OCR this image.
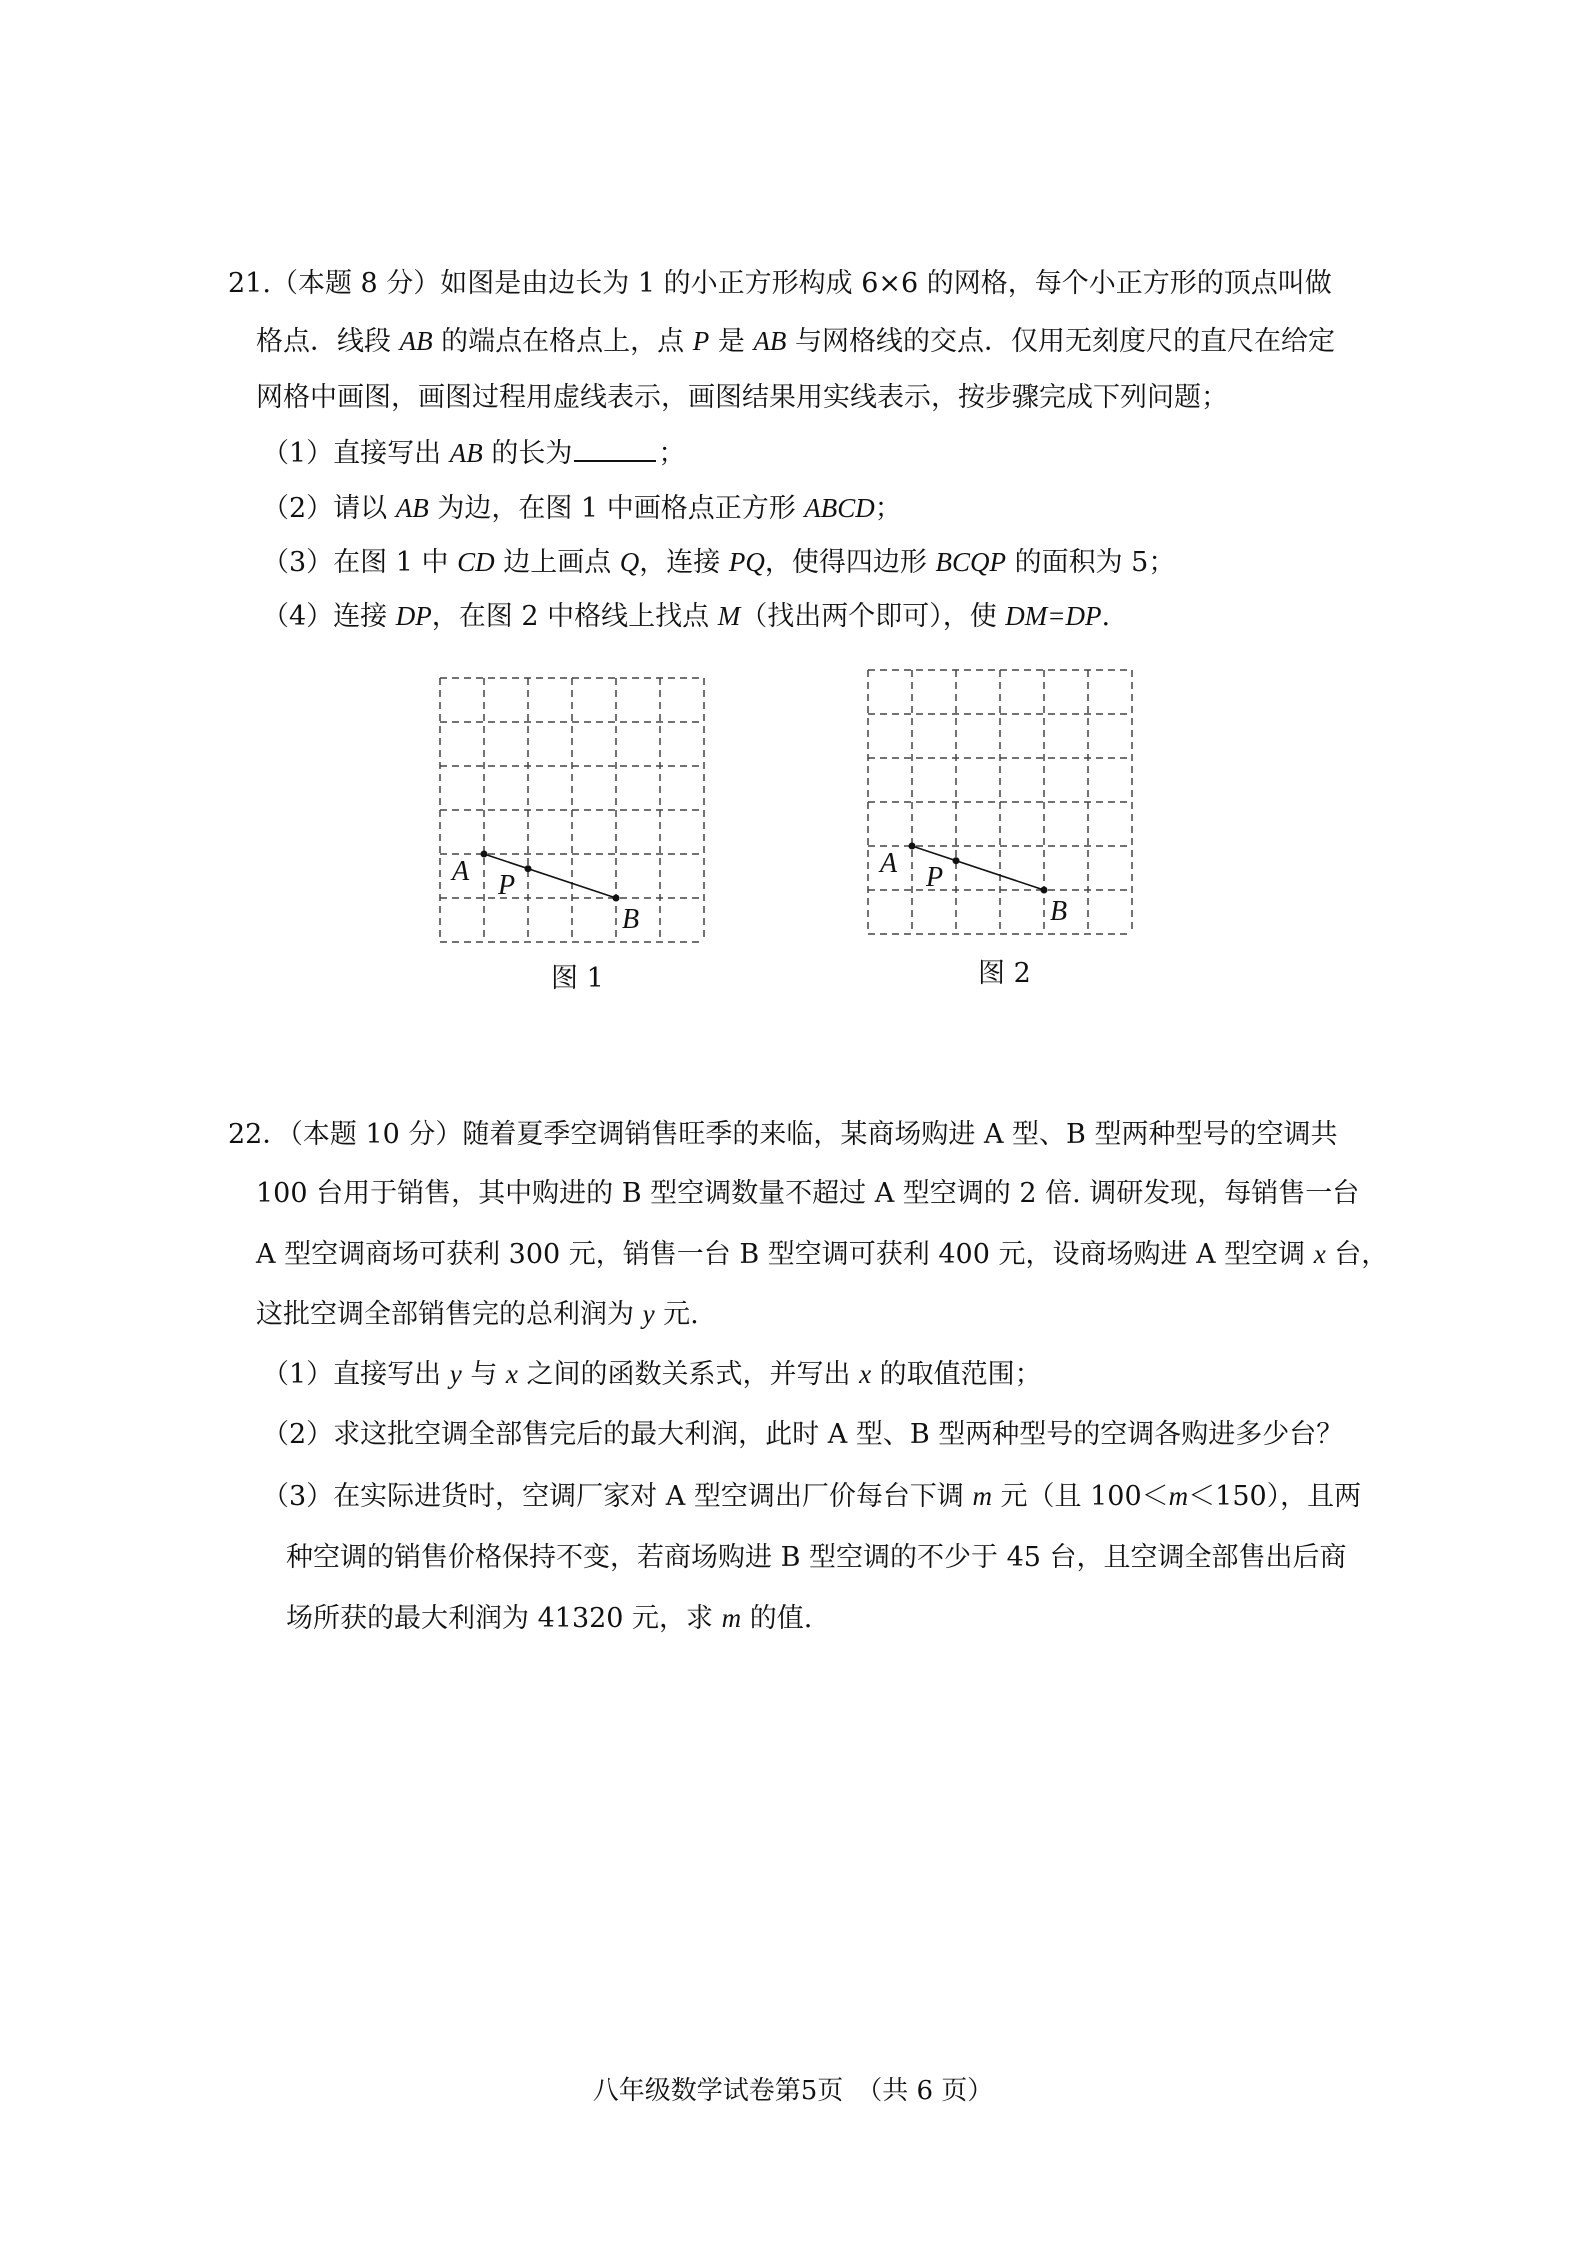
21.（本题 8 分）如图是由边长为 1 的小正方形构成 6×6 的网格，每个小正方形的顶点叫做
格点．线段 AB 的端点在格点上，点 P 是 AB 与网格线的交点．仅用无刻度尺的直尺在给定
网格中画图，画图过程用虚线表示，画图结果用实线表示，按步骤完成下列问题；
（1）直接写出 AB 的长为	；
（2）请以 AB 为边，在图 1 中画格点正方形 ABCD；
（3）在图 1 中 CD 边上画点 Q，连接 PQ，使得四边形 BCQP 的面积为 5；
（4）连接 DP，在图 2 中格线上找点 M（找出两个即可），使 DM=DP.
A P
B
图 1
A P
B
图 2
22．（本题 10 分）随着夏季空调销售旺季的来临，某商场购进 A 型、B 型两种型号的空调共
100 台用于销售，其中购进的 B 型空调数量不超过 A 型空调的 2 倍. 调研发现，每销售一台
A 型空调商场可获利 300 元，销售一台 B 型空调可获利 400 元，设商场购进 A 型空调 x 台，
这批空调全部销售完的总利润为 y 元.
（1）直接写出 y 与 x 之间的函数关系式，并写出 x 的取值范围；
（2）求这批空调全部售完后的最大利润，此时 A 型、B 型两种型号的空调各购进多少台？
（3）在实际进货时，空调厂家对 A 型空调出厂价每台下调 m 元（且 100＜m＜150），且两
种空调的销售价格保持不变，若商场购进 B 型空调的不少于 45 台，且空调全部售出后商
场所获的最大利润为 41320 元，求 m 的值.
八年级数学试卷第5页　（共 6 页）
